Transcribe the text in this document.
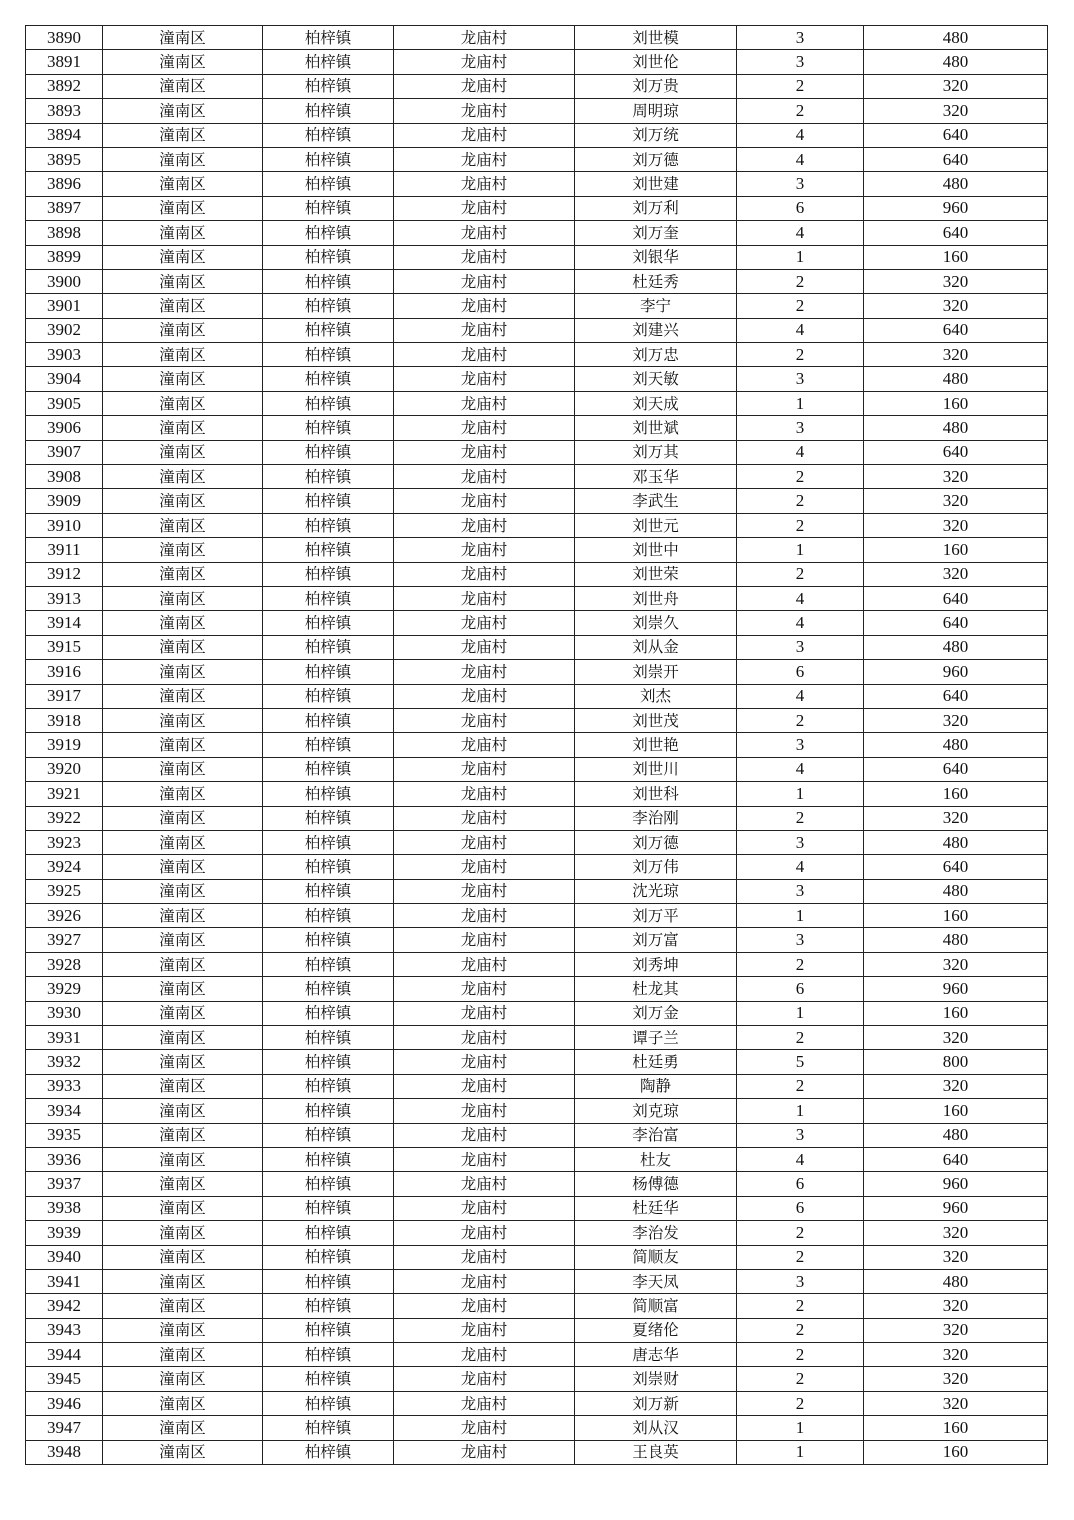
3890	潼南区	柏梓镇	龙庙村	刘世模	3	480
3891	潼南区	柏梓镇	龙庙村	刘世伦	3	480
3892	潼南区	柏梓镇	龙庙村	刘万贵	2	320
3893	潼南区	柏梓镇	龙庙村	周明琼	2	320
3894	潼南区	柏梓镇	龙庙村	刘万统	4	640
3895	潼南区	柏梓镇	龙庙村	刘万德	4	640
3896	潼南区	柏梓镇	龙庙村	刘世建	3	480
3897	潼南区	柏梓镇	龙庙村	刘万利	6	960
3898	潼南区	柏梓镇	龙庙村	刘万奎	4	640
3899	潼南区	柏梓镇	龙庙村	刘银华	1	160
3900	潼南区	柏梓镇	龙庙村	杜廷秀	2	320
3901	潼南区	柏梓镇	龙庙村	李宁	2	320
3902	潼南区	柏梓镇	龙庙村	刘建兴	4	640
3903	潼南区	柏梓镇	龙庙村	刘万忠	2	320
3904	潼南区	柏梓镇	龙庙村	刘天敏	3	480
3905	潼南区	柏梓镇	龙庙村	刘天成	1	160
3906	潼南区	柏梓镇	龙庙村	刘世斌	3	480
3907	潼南区	柏梓镇	龙庙村	刘万其	4	640
3908	潼南区	柏梓镇	龙庙村	邓玉华	2	320
3909	潼南区	柏梓镇	龙庙村	李武生	2	320
3910	潼南区	柏梓镇	龙庙村	刘世元	2	320
3911	潼南区	柏梓镇	龙庙村	刘世中	1	160
3912	潼南区	柏梓镇	龙庙村	刘世荣	2	320
3913	潼南区	柏梓镇	龙庙村	刘世舟	4	640
3914	潼南区	柏梓镇	龙庙村	刘崇久	4	640
3915	潼南区	柏梓镇	龙庙村	刘从金	3	480
3916	潼南区	柏梓镇	龙庙村	刘崇开	6	960
3917	潼南区	柏梓镇	龙庙村	刘杰	4	640
3918	潼南区	柏梓镇	龙庙村	刘世茂	2	320
3919	潼南区	柏梓镇	龙庙村	刘世艳	3	480
3920	潼南区	柏梓镇	龙庙村	刘世川	4	640
3921	潼南区	柏梓镇	龙庙村	刘世科	1	160
3922	潼南区	柏梓镇	龙庙村	李治刚	2	320
3923	潼南区	柏梓镇	龙庙村	刘万德	3	480
3924	潼南区	柏梓镇	龙庙村	刘万伟	4	640
3925	潼南区	柏梓镇	龙庙村	沈光琼	3	480
3926	潼南区	柏梓镇	龙庙村	刘万平	1	160
3927	潼南区	柏梓镇	龙庙村	刘万富	3	480
3928	潼南区	柏梓镇	龙庙村	刘秀坤	2	320
3929	潼南区	柏梓镇	龙庙村	杜龙其	6	960
3930	潼南区	柏梓镇	龙庙村	刘万金	1	160
3931	潼南区	柏梓镇	龙庙村	谭子兰	2	320
3932	潼南区	柏梓镇	龙庙村	杜廷勇	5	800
3933	潼南区	柏梓镇	龙庙村	陶静	2	320
3934	潼南区	柏梓镇	龙庙村	刘克琼	1	160
3935	潼南区	柏梓镇	龙庙村	李治富	3	480
3936	潼南区	柏梓镇	龙庙村	杜友	4	640
3937	潼南区	柏梓镇	龙庙村	杨傅德	6	960
3938	潼南区	柏梓镇	龙庙村	杜廷华	6	960
3939	潼南区	柏梓镇	龙庙村	李治发	2	320
3940	潼南区	柏梓镇	龙庙村	简顺友	2	320
3941	潼南区	柏梓镇	龙庙村	李天凤	3	480
3942	潼南区	柏梓镇	龙庙村	简顺富	2	320
3943	潼南区	柏梓镇	龙庙村	夏绪伦	2	320
3944	潼南区	柏梓镇	龙庙村	唐志华	2	320
3945	潼南区	柏梓镇	龙庙村	刘崇财	2	320
3946	潼南区	柏梓镇	龙庙村	刘万新	2	320
3947	潼南区	柏梓镇	龙庙村	刘从汉	1	160
3948	潼南区	柏梓镇	龙庙村	王良英	1	160
